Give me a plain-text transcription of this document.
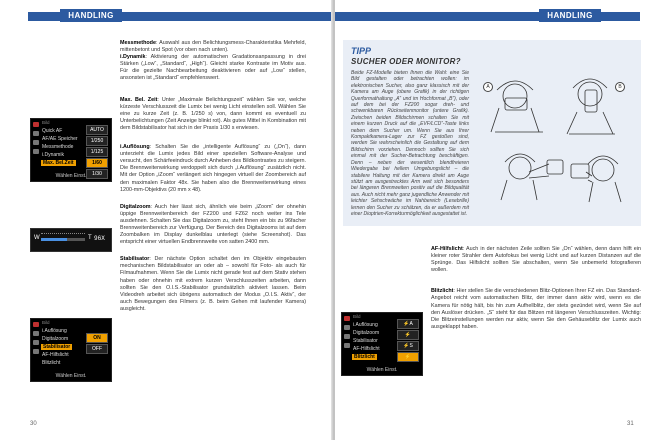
HANDLING
Bild
Quick AF
AF/AE Speicher
Messmethode
i.Dynamik
Max. Bel.Zeit
AUTO
1/250
1/125
1/60
1/30
Wählen Einst.
W	T 96X
Bild
i.Auflösung
Digitalzoom
Stabilisator
AF-Hilfslicht
Blitzlicht
ON
OFF
Wählen Einst.

Messmethode: Auswahl aus den Belichtungsmess-Charakteristika Mehrfeld, mittenbetont und Spot (vor oben nach unten).
i.Dynamik: Aktivierung der automatischen Gradationsanpassung in drei Stärken („Low“, „Standard“, „High“). Gleicht starke Kontraste im Motiv aus. Für die gezielte Nachbearbeitung deaktivieren oder auf „Low“ stellen, ansonsten ist „Standard“ empfehlenswert.

Max. Bel. Zeit: Unter „Maximale Belichtungszeit“ wählen Sie vor, welche kürzeste Verschlusszeit die Lumix bei wenig Licht einstellen soll. Wählen Sie eine zu kurze Zeit (z. B. 1/250 s) von, dann kommt es eventuell zu Unterbelichtungen (Zeit Anzeige blinkt rot). Als gutes Mittel in Kombination mit dem Bildstabilisator hat sich in der Praxis 1/30 s erwiesen.

i.Auflösung: Schalten Sie die „intelligente Auflösung“ zu („On“), dann unterzieht die Lumix jedes Bild einer speziellen Software-Analyse und versucht, den Schärfeeindruck durch Anheben des Bildkontrastes zu steigern. Die Brennweitenwirkung verdoppelt sich durch „i.Auflösung“ zusätzlich nicht. Mit der Option „iZoom“ verlängert sich hingegen virtuell der Zoombereich auf den maximalen Faktor 48x. Sie haben also die Brennweitenwirkung eines 1200-mm-Objektivs (20 mm x 48).

Digitalzoom: Auch hier lässt sich, ähnlich wie beim „iZoom“ der ohnehin üppige Brennweitenbereich der FZ200 und FZ62 noch weiter ins Tele ausdehnen. Schalten Sie das Digitalzoom zu, steht Ihnen ein bis zu 96facher Brennweitenbereich zur Verfügung. Der Bereich des Digitalzooms ist auf dem Zoombalken im Display dunkelblau unterlegt (siehe Screenshot). Das entspricht einer virtuellen Endbrennweite von satten 2400 mm.

Stabilisator: Der nächste Option schaltet den im Objektiv eingebauten mechanischen Bildstabilisator an oder ab – sowohl für Foto- als auch für Filmaufnahmen. Wenn Sie die Lumix nicht gerade fest auf dem Stativ stehen haben oder ohnehin mit extrem kurzen Verschlusszeiten arbeiten, dann sollten Sie den O.I.S.-Stabilisator grundsätzlich aktiviert lassen. Beim Videodreh arbeitet sich übrigens automatisch der Modus „O.I.S. Aktiv“, der auch Bewegungen des Filmers (z. B. beim Gehen mit laufender Kamera) ausgleicht.

30
HANDLING
TIPP
SUCHER ODER MONITOR?
Beide FZ-Modelle bieten Ihnen die Wahl: eine Sie Bild gestalten oder betrachten wollen: im elektronischen Sucher, also ganz klassisch mit der Kamera am Auge (obere Grafik) in der richtigen Querformathaltung „A“ und im Hochformat „B“), oder auf dem bei der FZ200 sogar dreh- und schwenkbaren Rückseitenmonitor (untere Grafik). Zwischen beiden Bildschirmen schalten Sie mit einem kurzen Druck auf die „EVF/LCD“-Taste links neben dem Sucher um. Wenn Sie aus Ihrer Kompaktkamera-Lager zur FZ gestoßen sind, werden Sie wahrscheinlich die Gestaltung auf dem Bildschirm vorziehen. Dennoch sollten Sie sich einmal mit der Sucher-Betrachtung beschäftigen. Denn – neben der wesentlich blendfreieren Wiedergabe bei hellem Umgebungslicht – die stabilere Haltung mit der Kamera direkt am Auge stützt am ausgestrecktes Arm weit sich besonders bei längeren Brennweiten positiv auf die Bildqualität aus. Auch nicht mehr ganz jugendliche Anwender mit leichter Sehschwäche im Nahbereich (Lesebrille) lernen den Sucher zu schätzen, da er außerdem mit einer Dioptrien-Korrekturmöglichkeit ausgestattet ist.
A	B
Bild
i.Auflösung
Digitalzoom
Stabilisator
AF-Hilfslicht
Blitzlicht
⚡A
⚡
⚡S
⚡
Wählen Einst.

AF-Hilfslicht: Auch in der nächsten Zeile sollten Sie „On“ wählen, denn dann hilft ein kleiner roter Strahler dem Autofokus bei wenig Licht und auf kurzen Distanzen auf die Sprünge. Das Hilfslicht sollten Sie abschalten, wenn Sie unbemerkt fotografieren wollen.

Blitzlicht: Hier stellen Sie die verschiedenen Blitz-Optionen Ihrer FZ ein. Das Standard-Angebot reicht vom automatischen Blitz, der immer dann aktiv wird, wenn es die Kamera für nötig hält, bis hin zum Aufhellblitz, der stets gezündet wird, wenn Sie auf den Auslöser drücken. „S“ steht für das Blitzen mit längeren Verschlusszeiten. Wichtig: Die Blitzeinstellungen werden nur aktiv, wenn Sie den Gehäuseblitz der Lumix auch ausgeklappt haben.

31
